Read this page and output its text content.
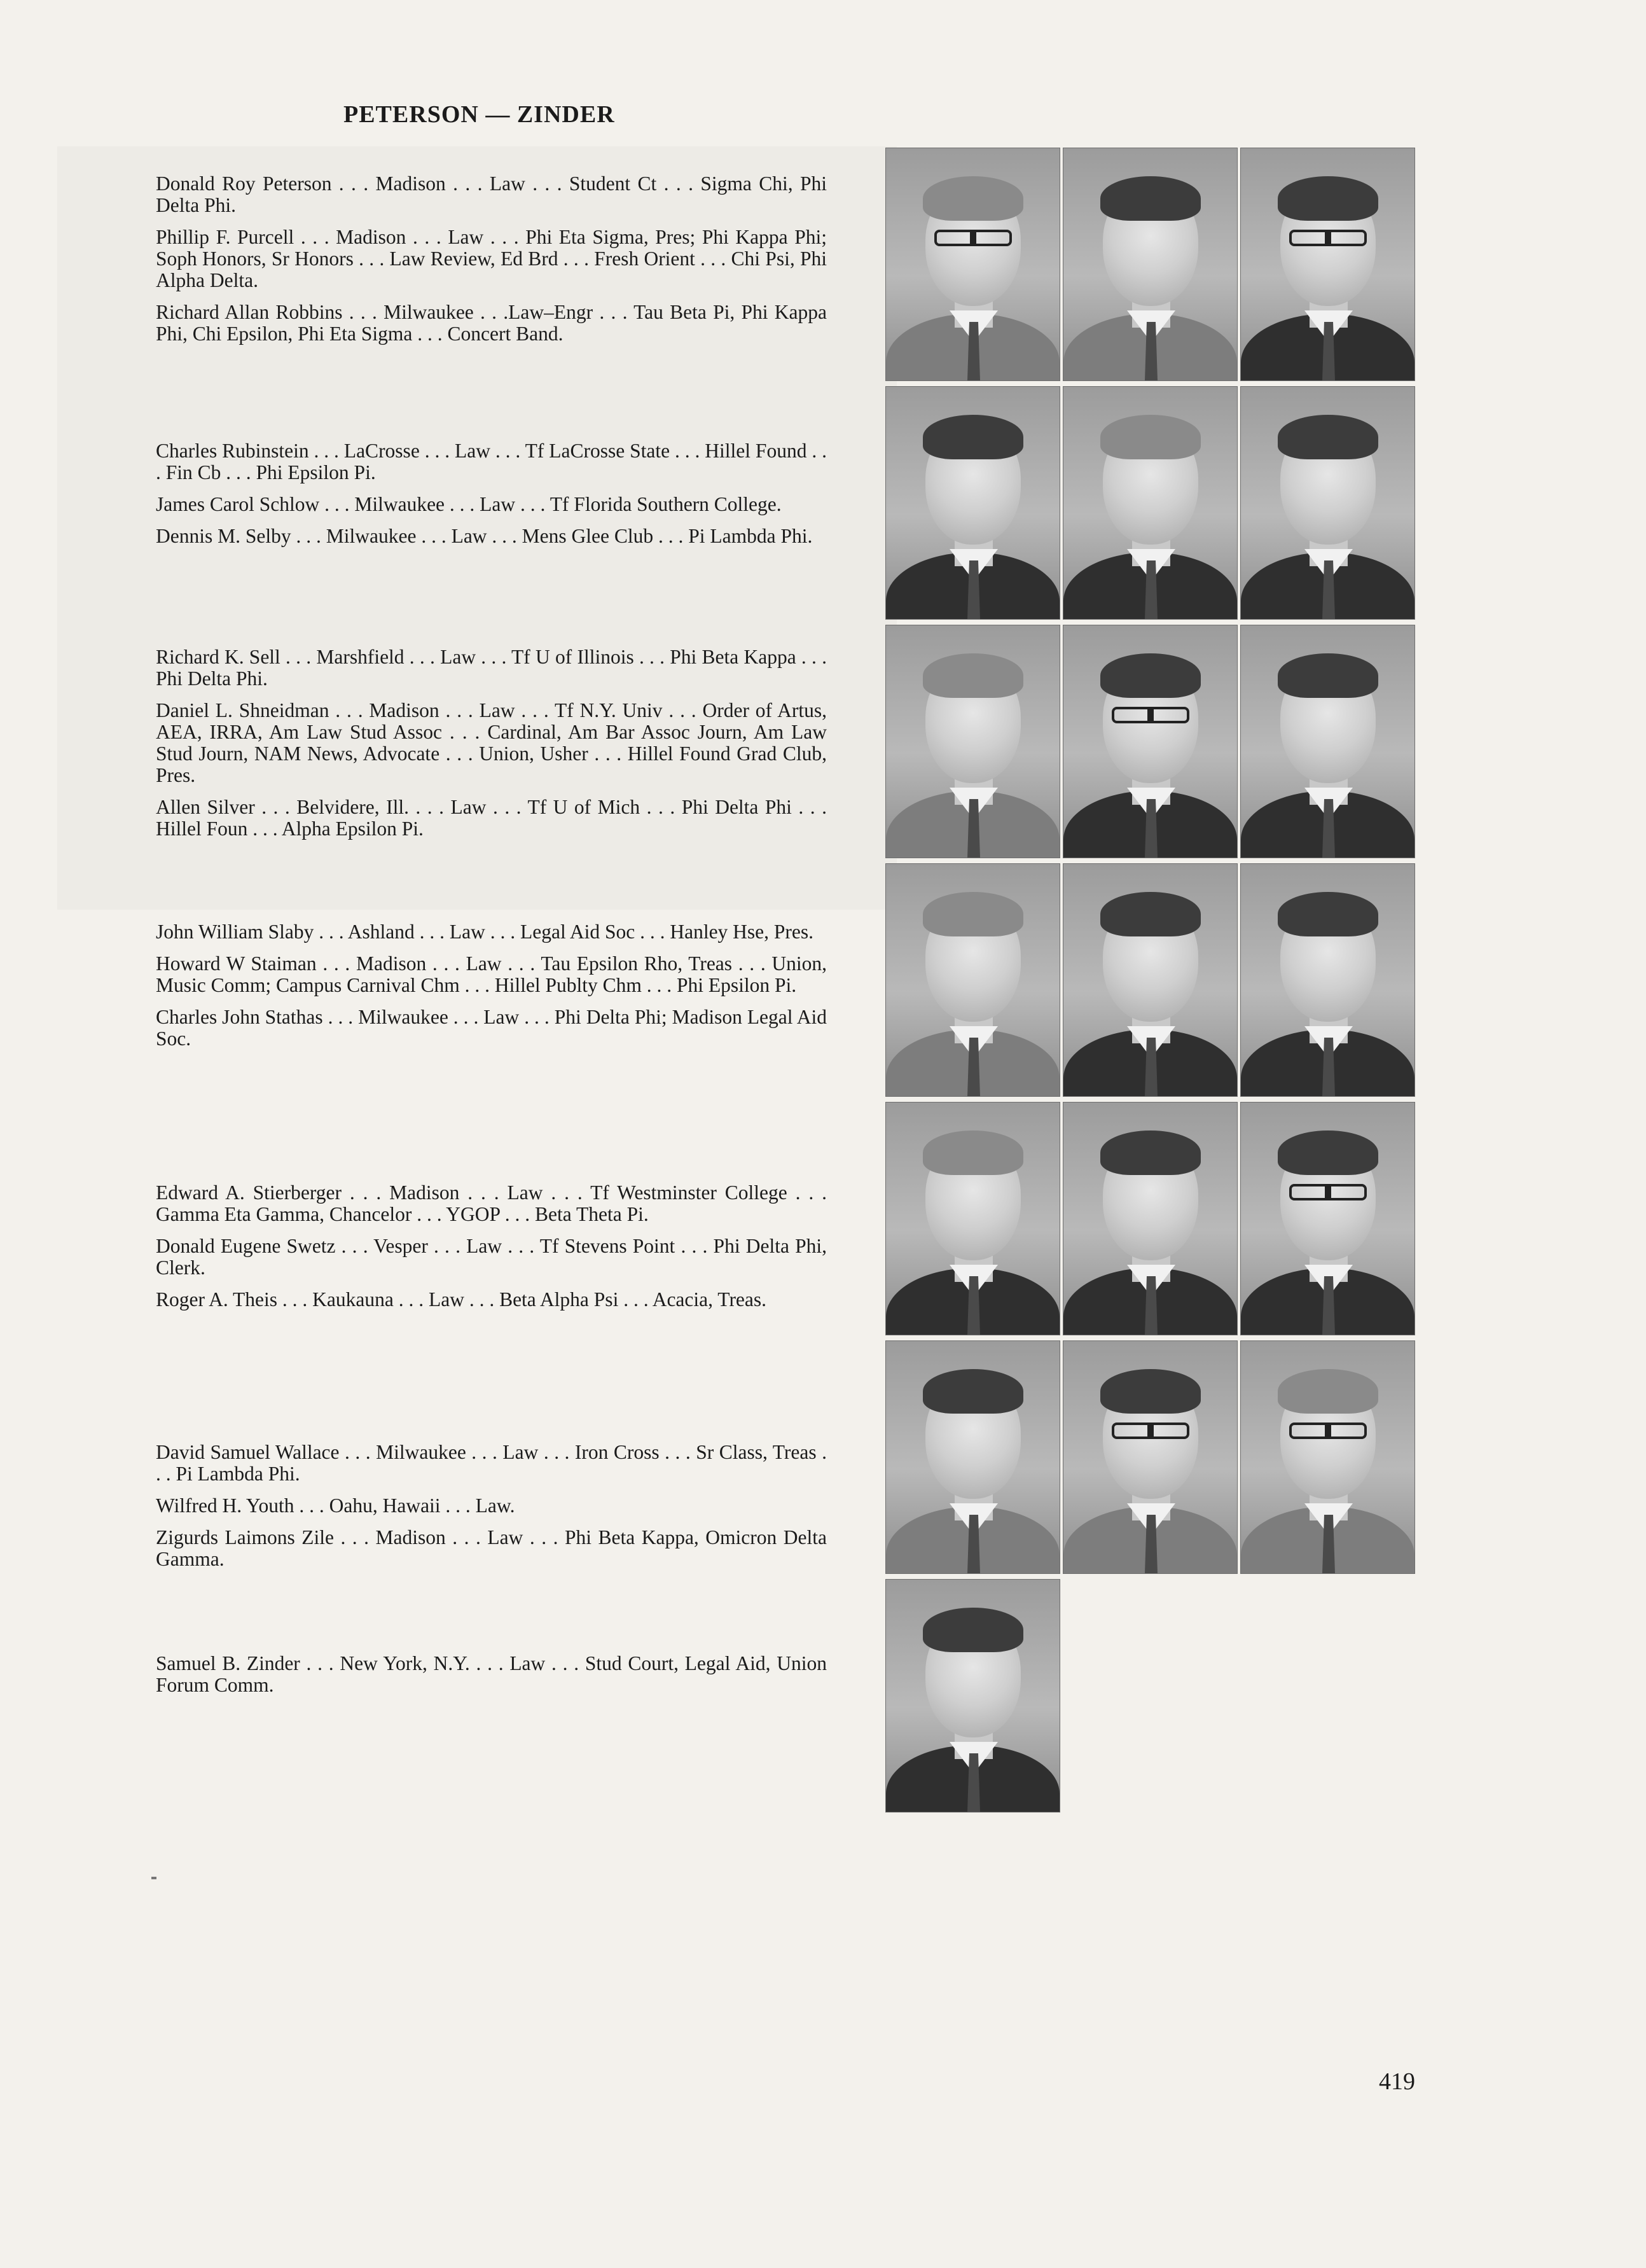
PETERSON — ZINDER
Donald Roy Peterson . . . Madison . . . Law . . . Student Ct . . . Sigma Chi, Phi Delta Phi.
Phillip F. Purcell . . . Madison . . . Law . . . Phi Eta Sigma, Pres; Phi Kappa Phi; Soph Honors, Sr Honors . . . Law Review, Ed Brd . . . Fresh Orient . . . Chi Psi, Phi Alpha Delta.
Richard Allan Robbins . . . Milwaukee . . .Law–Engr . . . Tau Beta Pi, Phi Kappa Phi, Chi Epsilon, Phi Eta Sigma . . . Concert Band.
Charles Rubinstein . . . LaCrosse . . . Law . . . Tf LaCrosse State . . . Hillel Found . . . Fin Cb . . . Phi Epsilon Pi.
James Carol Schlow . . . Milwaukee . . . Law . . . Tf Florida Southern College.
Dennis M. Selby . . . Milwaukee . . . Law . . . Mens Glee Club . . . Pi Lambda Phi.
Richard K. Sell . . . Marshfield . . . Law . . . Tf U of Illinois . . . Phi Beta Kappa . . . Phi Delta Phi.
Daniel L. Shneidman . . . Madison . . . Law . . . Tf N.Y. Univ . . . Order of Artus, AEA, IRRA, Am Law Stud Assoc . . . Cardinal, Am Bar Assoc Journ, Am Law Stud Journ, NAM News, Advocate . . . Union, Usher . . . Hillel Found Grad Club, Pres.
Allen Silver . . . Belvidere, Ill. . . . Law . . . Tf U of Mich . . . Phi Delta Phi . . . Hillel Foun . . . Alpha Epsilon Pi.
John William Slaby . . . Ashland . . . Law . . . Legal Aid Soc . . . Hanley Hse, Pres.
Howard W Staiman . . . Madison . . . Law . . . Tau Epsilon Rho, Treas . . . Union, Music Comm; Campus Carnival Chm . . . Hillel Publty Chm . . . Phi Epsilon Pi.
Charles John Stathas . . . Milwaukee . . . Law . . . Phi Delta Phi; Madison Legal Aid Soc.
Edward A. Stierberger . . . Madison . . . Law . . . Tf Westminster College . . . Gamma Eta Gamma, Chancelor . . . YGOP . . . Beta Theta Pi.
Donald Eugene Swetz . . . Vesper . . . Law . . . Tf Stevens Point . . . Phi Delta Phi, Clerk.
Roger A. Theis . . . Kaukauna . . . Law . . . Beta Alpha Psi . . . Acacia, Treas.
David Samuel Wallace . . . Milwaukee . . . Law . . . Iron Cross . . . Sr Class, Treas . . . Pi Lambda Phi.
Wilfred H. Youth . . . Oahu, Hawaii . . . Law.
Zigurds Laimons Zile . . . Madison . . . Law . . . Phi Beta Kappa, Omicron Delta Gamma.
Samuel B. Zinder . . . New York, N.Y. . . . Law . . . Stud Court, Legal Aid, Union Forum Comm.
419
